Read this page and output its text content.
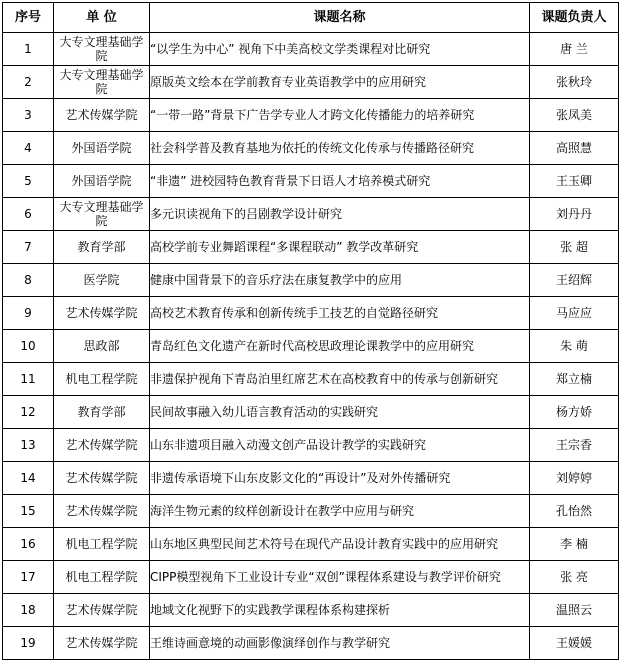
序号	单 位	课题名称	课题负责人
1	大专文理基础学院	“以学生为中心” 视角下中美高校文学类课程对比研究	唐 兰
2	大专文理基础学院	原版英文绘本在学前教育专业英语教学中的应用研究	张秋玲
3	艺术传媒学院	“一带一路”背景下广告学专业人才跨文化传播能力的培养研究	张凤美
4	外国语学院	社会科学普及教育基地为依托的传统文化传承与传播路径研究	高照慧
5	外国语学院	“非遗” 进校园特色教育背景下日语人才培养模式研究	王玉卿
6	大专文理基础学院	多元识读视角下的吕剧教学设计研究	刘丹丹
7	教育学部	高校学前专业舞蹈课程“多课程联动” 教学改革研究	张 超
8	医学院	健康中国背景下的音乐疗法在康复教学中的应用	王绍辉
9	艺术传媒学院	高校艺术教育传承和创新传统手工技艺的自觉路径研究	马应应
10	思政部	青岛红色文化遗产在新时代高校思政理论课教学中的应用研究	朱 萌
11	机电工程学院	非遗保护视角下青岛泊里红席艺术在高校教育中的传承与创新研究	郑立楠
12	教育学部	民间故事融入幼儿语言教育活动的实践研究	杨方娇
13	艺术传媒学院	山东非遗项目融入动漫文创产品设计教学的实践研究	王宗香
14	艺术传媒学院	非遗传承语境下山东皮影文化的“再设计”及对外传播研究	刘婷婷
15	艺术传媒学院	海洋生物元素的纹样创新设计在教学中应用与研究	孔怡然
16	机电工程学院	山东地区典型民间艺术符号在现代产品设计教育实践中的应用研究	李 楠
17	机电工程学院	CIPP模型视角下工业设计专业“双创”课程体系建设与教学评价研究	张 亮
18	艺术传媒学院	地域文化视野下的实践教学课程体系构建探析	温照云
19	艺术传媒学院	王维诗画意境的动画影像演绎创作与教学研究	王媛媛
